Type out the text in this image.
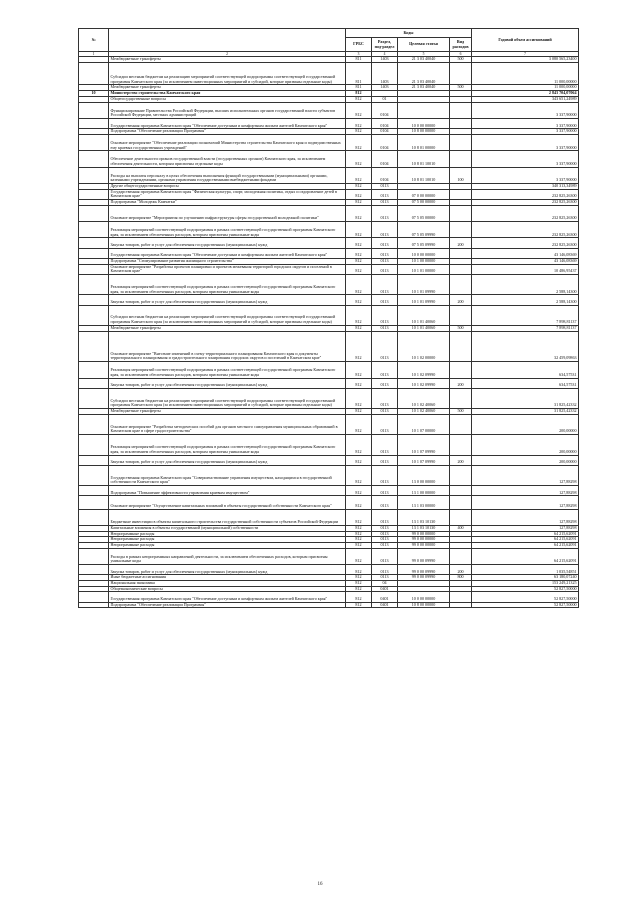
№		Коды				Годовой объем ассигнований
		ГРБС	Раздел, под-раздел	Целевая статья	Вид расходов	
1	2	3	4	5	6	7
	Межбюджетные трансферты	811	1403	21 3 03 40040	500	3 080 565,23400
	Субсидии местным бюджетам на реализацию мероприятий соответствующей подпрограммы соответствующей государственной программы Камчатского края (за исключением инвестиционных мероприятий и субсидий, которые призваны отдельные коды)	811	1403	21 3 03 40040		11 000,00000
	Межбюджетные трансферты	811	1403	21 3 03 40040	500	11 000,00000
10	Министерство строительства Камчатского края	812				2 843 704,07064
	Общегосударственные вопросы	812	01			343 651,24989
	Функционирование Правительства Российской Федерации, высших исполнительных органов государственной власти субъектов Российской Федерации, местных администраций	812	0104			3 337,90000
	Государственная программа Камчатского края "Обеспечение доступным и комфортным жильем жителей Камчатского края"	812	0104	10 0 00 00000		3 337,90000
	Подпрограмма "Обеспечение реализации Программы"	812	0104	10 8 00 00000		3 337,90000
	Основное мероприятие "Обеспечение реализации полномочий Министерства строительства Камчатского края и подведомственных ему краевых государственных учреждений"	812	0104	10 8 01 00000		3 337,90000
	Обеспечение деятельности органов государственной власти (государственных органов) Камчатского края, за исключением обеспечения деятельности, которым присвоены отдельные коды	812	0104	10 8 01 10010		3 337,90000
	Расходы на выплаты персоналу в целях обеспечения выполнения функций государственными (муниципальными) органами, казенными учреждениями, органами управления государственными внебюджетными фондами	812	0104	10 8 01 10010	100	3 337,90000
	Другие общегосударственные вопросы	812	0113			340 313,34989
	Государственная программа Камчатского края "Физическая культура, спорт, молодежная политика, отдых и оздоровление детей в Камчатском крае"	812	0113	07 0 00 00000		232 825,26300
	Подпрограмма "Молодежь Камчатки"	812	0113	07 5 00 00000		232 825,26300
	Основное мероприятие "Мероприятия по улучшению инфраструктуры сферы государственной молодежной политики"	812	0113	07 5 05 00000		232 825,26300
	Реализация мероприятий соответствующей подпрограммы в рамках соответствующей государственной программы Камчатского края, за исключением обеспеченных расходов, которым присвоены уникальные коды	812	0113	07 5 05 09990		232 825,26300
	Закупка товаров, работ и услуг для обеспечения государственных (муниципальных) нужд	812	0113	07 5 05 09990	200	232 825,26300
	Государственная программа Камчатского края "Обеспечение доступным и комфортным жильем жителей Камчатского края"	812	0113	10 0 00 00000		43 146,08369
	Подпрограмма "Стимулирование развития жилищного строительства"	812	0113	10 1 00 00000		43 146,08369
	Основное мероприятие "Разработка проектов планировки и проектов межевания территорий городских округов и поселений в Камчатском крае"	812	0113	10 1 01 00000		10 486,95437
	Реализация мероприятий соответствующей подпрограммы в рамках соответствующей государственной программы Камчатского края, за исключением обеспеченных расходов, которым присвоены уникальные коды	812	0113	10 1 01 09990		2 588,14300
	Закупка товаров, работ и услуг для обеспечения государственных (муниципальных) нужд	812	0113	10 1 01 09990	200	2 588,14300
	Субсидии местным бюджетам на реализацию мероприятий соответствующей подпрограммы соответствующей государственной программы Камчатского края (за исключением инвестиционных мероприятий и субсидий, которые призваны отдельные коды)	812	0113	10 1 01 40060		7 898,81137
	Межбюджетные трансферты	812	0113	10 1 01 40060	500	7 898,81137
	Основное мероприятие "Внесение изменений в схему территориального планирования Камчатского края и документы территориального планирования и градостроительного зонирования городских округов и поселений в Камчатском крае"	812	0113	10 1 02 00000		32 459,09863
	Реализация мероприятий соответствующей подпрограммы в рамках соответствующей государственной программы Камчатского края, за исключением обеспеченных расходов, которым присвоены уникальные коды	812	0113	10 1 02 09990		634,57531
	Закупка товаров, работ и услуг для обеспечения государственных (муниципальных) нужд	812	0113	10 1 02 09990	200	634,57531
	Субсидии местным бюджетам на реализацию мероприятий соответствующей подпрограммы соответствующей государственной программы Камчатского края (за исключением инвестиционных мероприятий и субсидий, которые призваны отдельные коды)	812	0113	10 1 02 40060		31 825,42332
	Межбюджетные трансферты	812	0113	10 1 02 40060	500	31 825,42332
	Основное мероприятие "Разработка методических пособий для органов местного самоуправления муниципальных образований в Камчатском крае в сфере градостроительства"	812	0113	10 1 07 00000		200,00000
	Реализация мероприятий соответствующей подпрограммы в рамках соответствующей государственной программы Камчатского края, за исключением обеспеченных расходов, которым присвоены уникальные коды	812	0113	10 1 07 09990		200,00000
	Закупка товаров, работ и услуг для обеспечения государственных (муниципальных) нужд	812	0113	10 1 07 09990	200	200,00000
	Государственная программа Камчатского края "Совершенствование управления имуществом, находящимся в государственной собственности Камчатского края"	812	0113	13 0 00 00000		127,88298
	Подпрограмма "Повышение эффективности управления краевым имуществом"	812	0113	13 1 00 00000		127,88298
	Основное мероприятие "Осуществление капитальных вложений в объекты государственной собственности Камчатского края"	812	0113	13 1 03 00000		127,88298
	Бюджетные инвестиции в объекты капитального строительства государственной собственности субъектов Российской Федерации	812	0113	13 1 03 10130		127,88298
	Капитальные вложения в объекты государственной (муниципальной) собственности	812	0113	13 1 03 10130	400	127,88298
	Непрограммные расходы	812	0113	99 0 00 00000		64 215,62091
	Непрограммные расходы	812	0113	99 0 00 00000		64 215,62091
	Непрограммные расходы	812	0113	99 0 00 00000		64 215,62091
	Расходы в рамках непрограммных направлений деятельности, за исключением обеспеченных расходов, которым присвоены уникальные коды	812	0113	99 0 00 09990		64 215,62091
	Закупка товаров, работ и услуг для обеспечения государственных (муниципальных) нужд	812	0113	99 0 00 09990	200	1 035,54851
	Иные бюджетные ассигнования	812	0113	99 0 00 09990	800	63 180,07240
	Национальная экономика	812	04			153 249,21325
	Общеэкономические вопросы	812	0401			52 827,50000
	Государственная программа Камчатского края "Обеспечение доступным и комфортным жильем жителей Камчатского края"	812	0401	10 0 00 00000		52 827,50000
	Подпрограмма "Обеспечение реализации Программы"	812	0401	10 8 00 00000		52 827,50000
16
